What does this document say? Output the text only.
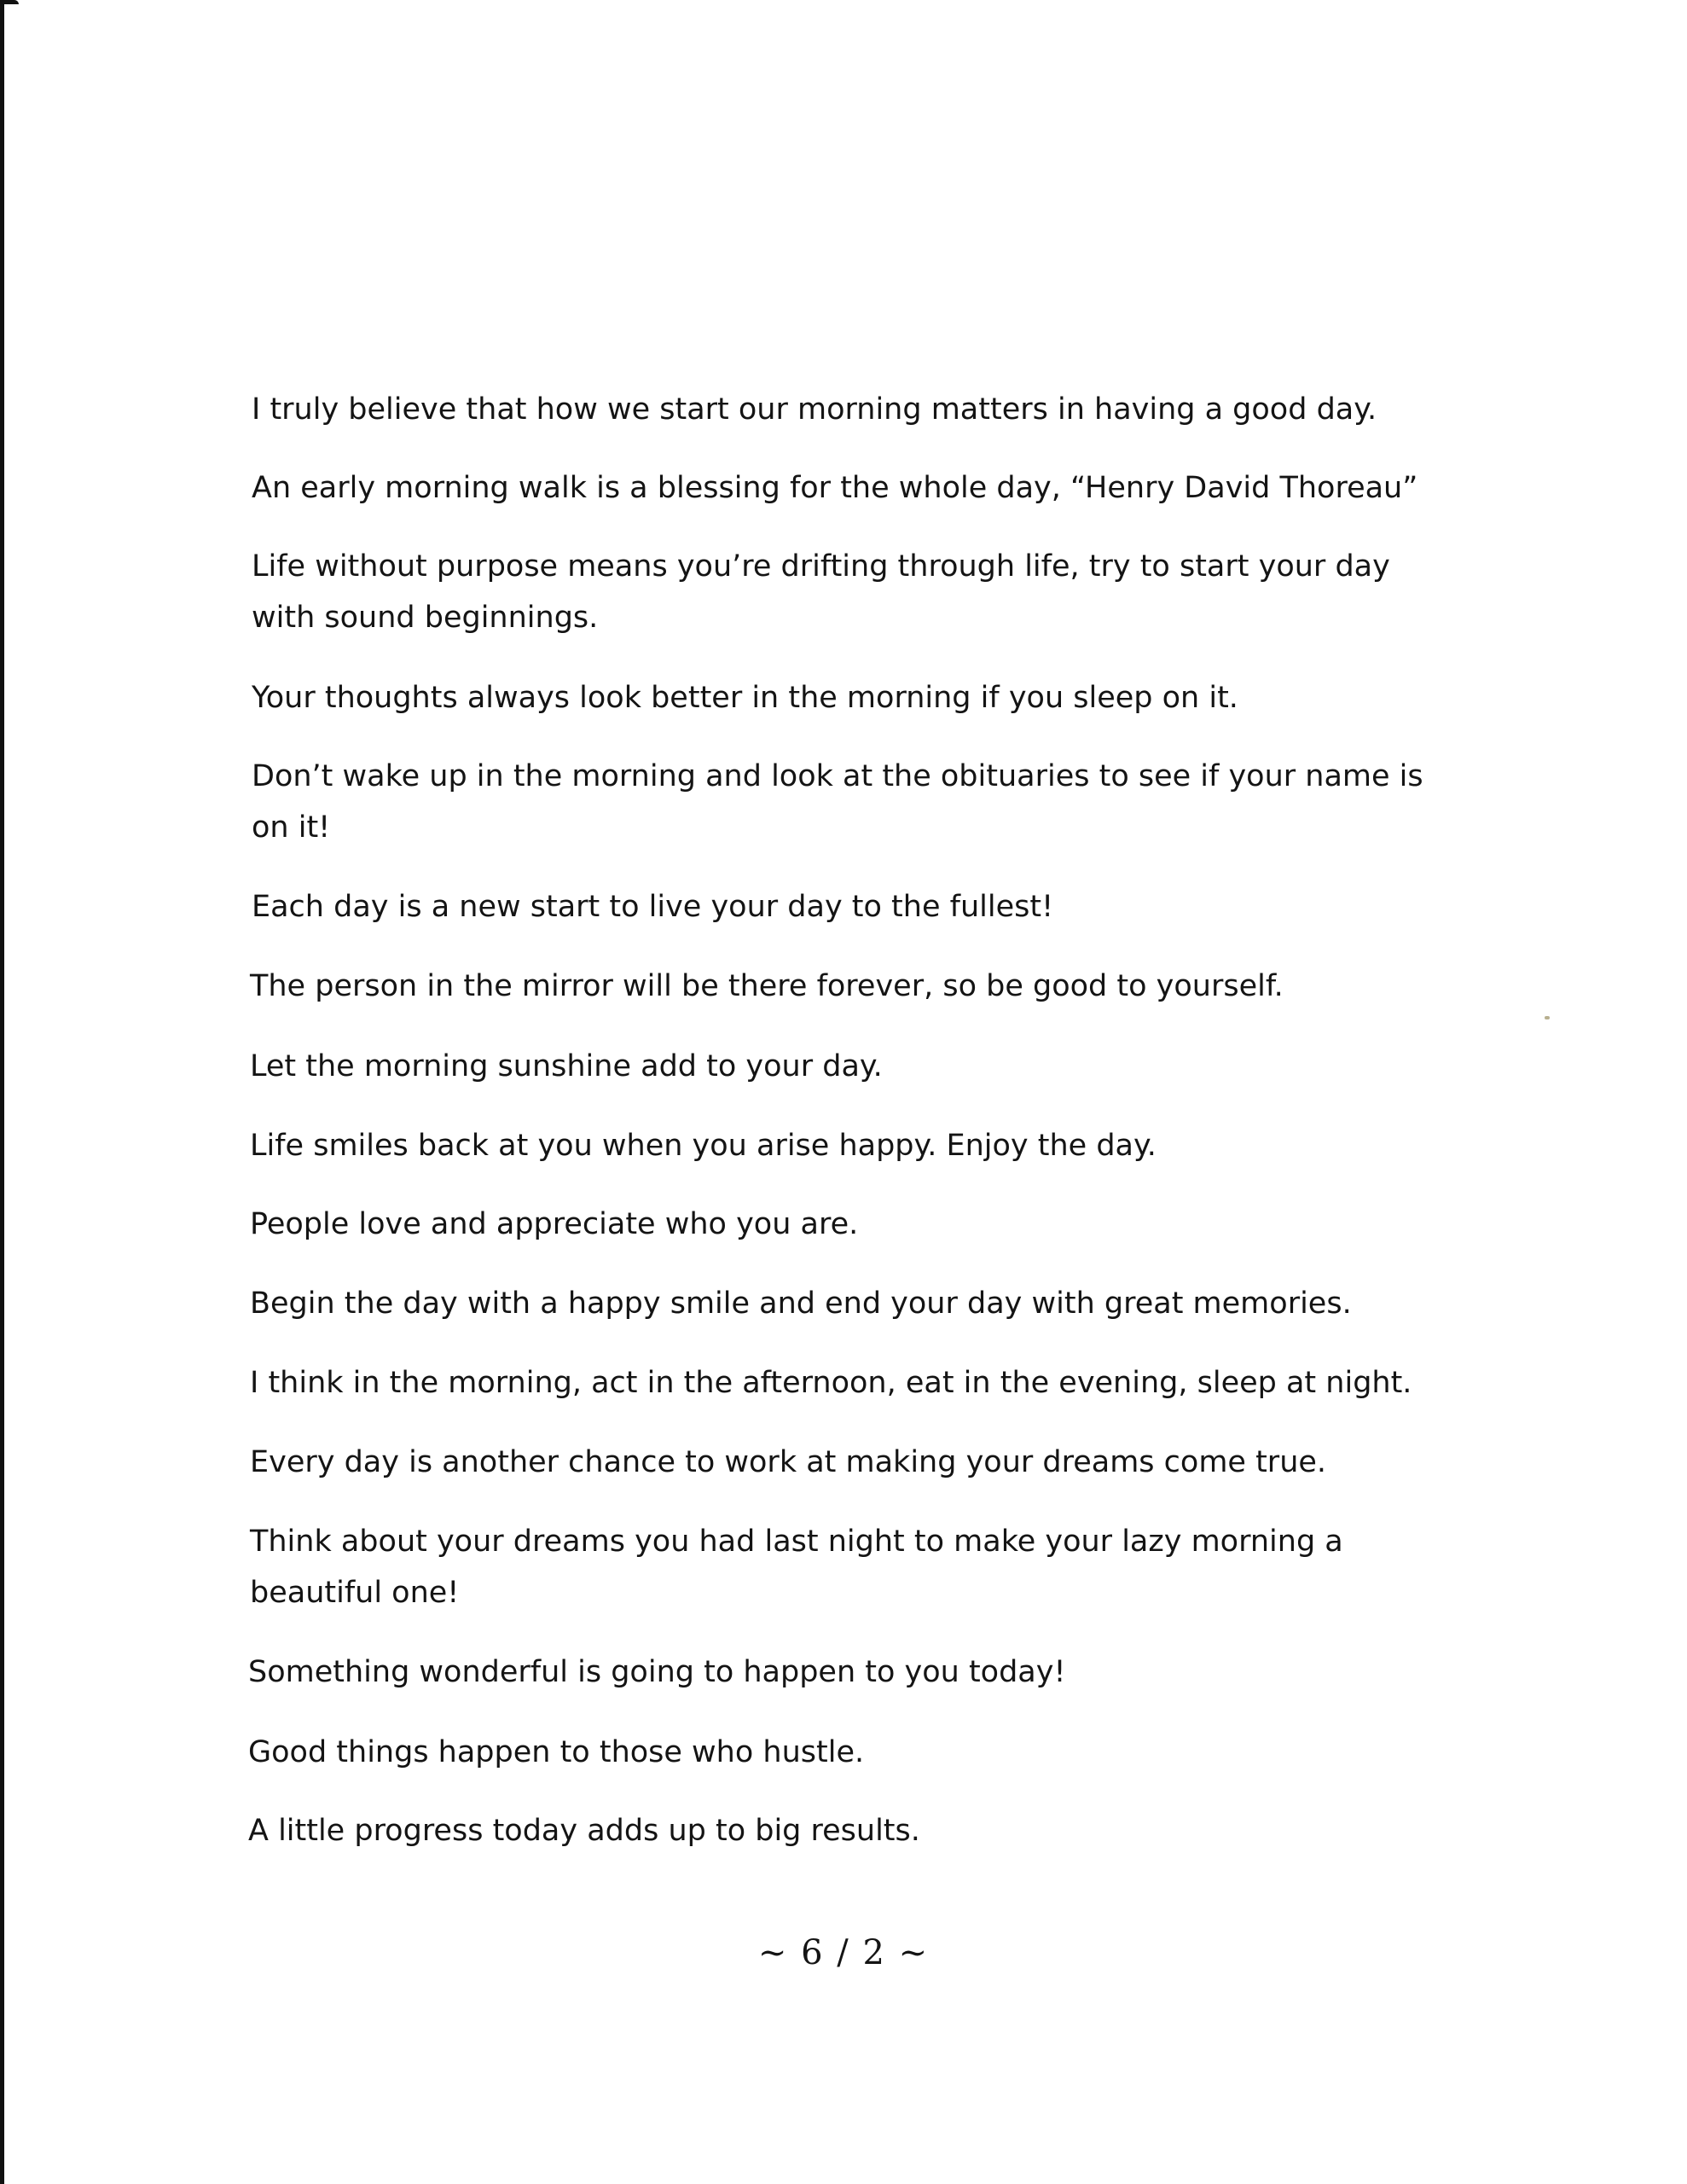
I truly believe that how we start our morning matters in having a good day.

An early morning walk is a blessing for the whole day, “Henry David Thoreau”

Life without purpose means you’re drifting through life, try to start your day

with sound beginnings.

Your thoughts always look better in the morning if you sleep on it.

Don’t wake up in the morning and look at the obituaries to see if your name is

on it!

Each day is a new start to live your day to the fullest!

The person in the mirror will be there forever, so be good to yourself.

Let the morning sunshine add to your day.

Life smiles back at you when you arise happy. Enjoy the day.

People love and appreciate who you are.

Begin the day with a happy smile and end your day with great memories.

I think in the morning, act in the afternoon, eat in the evening, sleep at night.

Every day is another chance to work at making your dreams come true.

Think about your dreams you had last night to make your lazy morning a

beautiful one!

Something wonderful is going to happen to you today!

Good things happen to those who hustle.

A little progress today adds up to big results.

~ 6 / 2 ~
